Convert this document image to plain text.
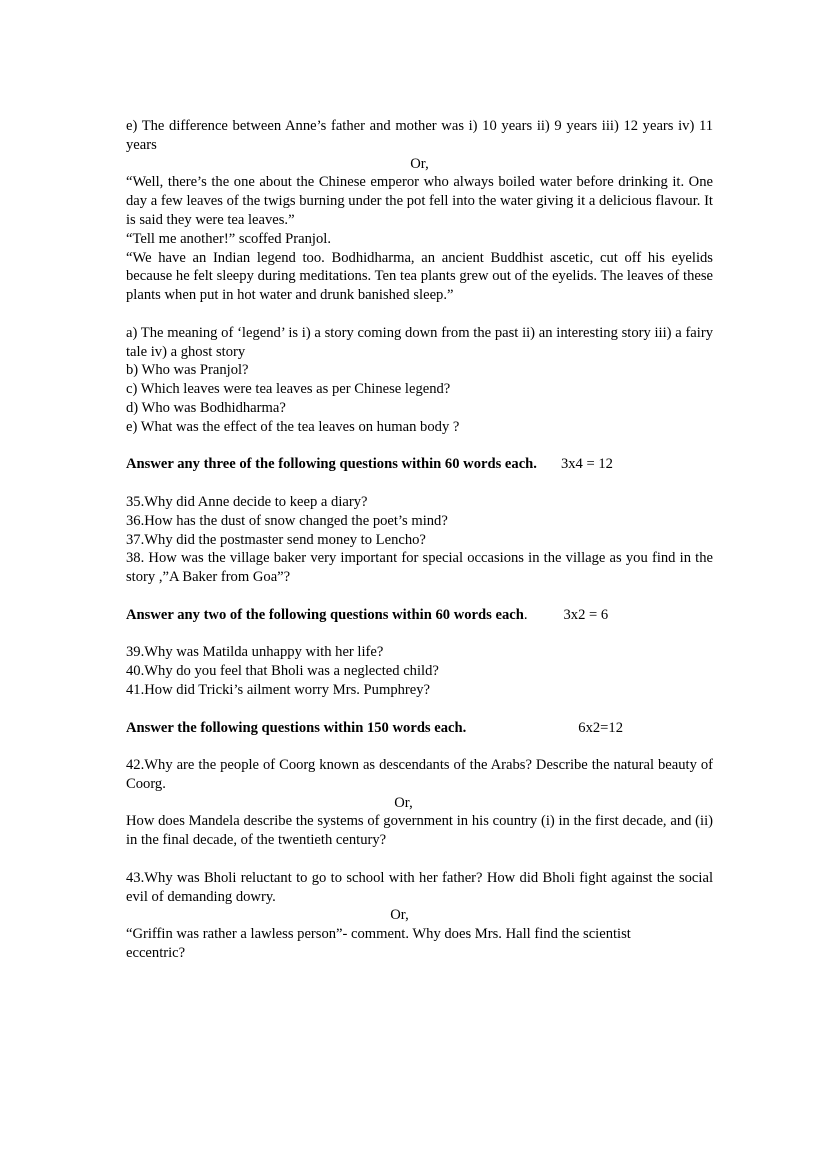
e) The difference between Anne’s father and mother was i) 10 years ii) 9 years iii) 12 years iv) 11 years

Or,

“Well, there’s the one about the Chinese emperor who always boiled water before drinking it. One day a few leaves of the twigs burning under the pot fell into the water giving it a delicious flavour. It is said they were tea leaves.”

“Tell me another!” scoffed Pranjol.

“We have an Indian legend too. Bodhidharma, an ancient Buddhist ascetic, cut off his eyelids because he felt sleepy during meditations. Ten tea plants grew out of the eyelids. The leaves of these plants when put in hot water and drunk banished sleep.”

a) The meaning of ‘legend’ is i) a story coming down from the past ii) an interesting story iii) a fairy tale iv) a ghost story

b) Who was Pranjol?

c) Which leaves were tea leaves as per Chinese legend?

d) Who was Bodhidharma?

e) What was the effect of the tea leaves on human body ?

Answer any three of the following questions within 60 words each. 3x4 = 12

35.Why did Anne decide to keep a diary?

36.How has the dust of snow changed the poet’s mind?

37.Why did the postmaster send money to Lencho?

38. How was the village baker very important for special occasions in the village as you find in the story ,”A Baker from Goa”?

Answer any two of the following questions within 60 words each . 3x2 = 6

39.Why was Matilda unhappy with her life?

40.Why do you feel that Bholi was a neglected child?

41.How did Tricki’s ailment worry Mrs. Pumphrey?

Answer the following questions within 150 words each.	6x2=12

42.Why are the people of Coorg known as descendants of the Arabs? Describe the natural beauty of Coorg.

Or,

How does Mandela describe the systems of government in his country (i) in the first decade, and (ii) in the final decade, of the twentieth century?

43.Why was Bholi reluctant to go to school with her father? How did Bholi fight against the social evil of demanding dowry.

Or,

“Griffin was rather a lawless person”- comment. Why does Mrs. Hall find the scientist eccentric?
